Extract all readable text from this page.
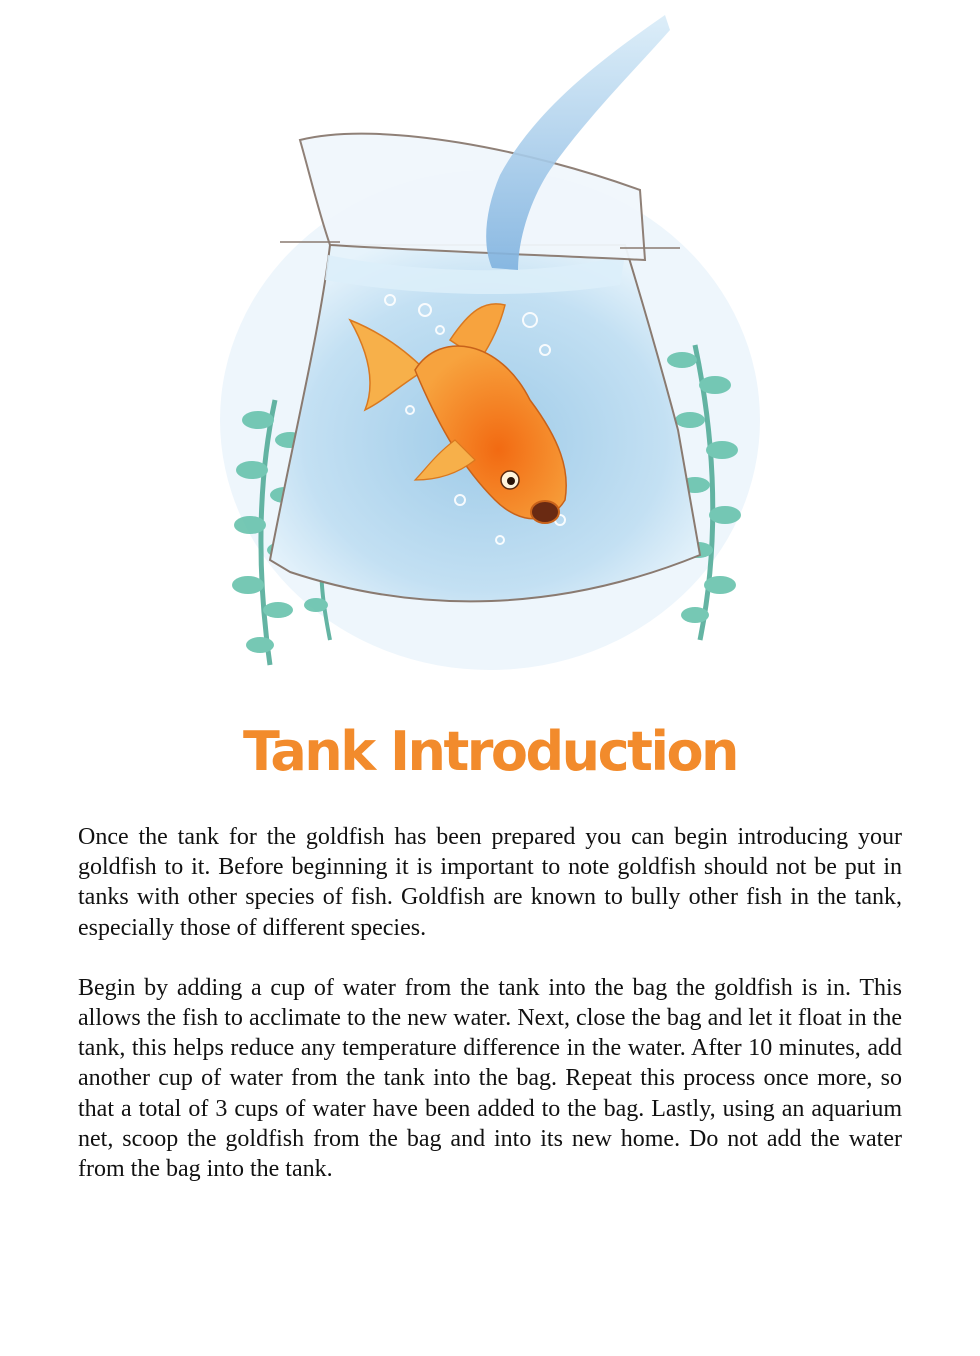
Tank Introduction

Once the tank for the goldfish has been prepared you can begin introducing your goldfish to it. Before beginning it is important to note goldfish should not be put in tanks with other species of fish. Goldfish are known to bully other fish in the tank, especially those of different species.

Begin by adding a cup of water from the tank into the bag the goldfish is in. This allows the fish to acclimate to the new water. Next, close the bag and let it float in the tank, this helps reduce any temperature difference in the water. After 10 minutes, add another cup of water from the tank into the bag. Repeat this process once more, so that a total of 3 cups of water have been added to the bag. Lastly, using an aquarium net, scoop the goldfish from the bag and into its new home. Do not add the water from the bag into the tank.
